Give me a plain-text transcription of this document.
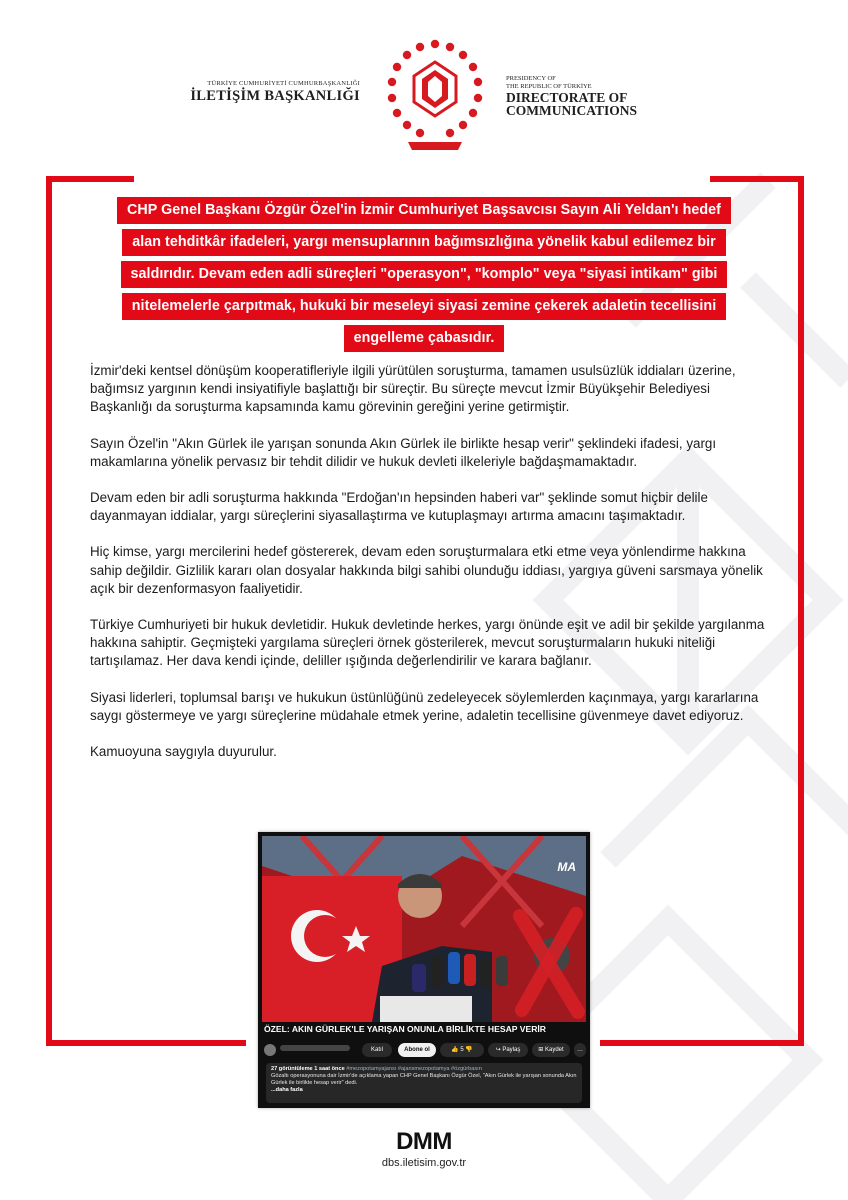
TÜRKİYE CUMHURİYETİ CUMHURBAŞKANLIĞI
İLETİŞİM BAŞKANLIĞI
PRESIDENCY OF
THE REPUBLIC OF TÜRKİYE
DIRECTORATE OF
COMMUNICATIONS
CHP Genel Başkanı Özgür Özel'in İzmir Cumhuriyet Başsavcısı Sayın Ali Yeldan'ı hedef
alan tehditkâr ifadeleri, yargı mensuplarının bağımsızlığına yönelik kabul edilemez bir
saldırıdır. Devam eden adli süreçleri "operasyon", "komplo" veya "siyasi intikam" gibi
nitelemelerle çarpıtmak, hukuki bir meseleyi siyasi zemine çekerek adaletin tecellisini
engelleme çabasıdır.

İzmir'deki kentsel dönüşüm kooperatifleriyle ilgili yürütülen soruşturma, tamamen usulsüzlük iddiaları üzerine, bağımsız yargının kendi insiyatifiyle başlattığı bir süreçtir. Bu süreçte mevcut İzmir Büyükşehir Belediyesi Başkanlığı da soruşturma kapsamında kamu görevinin gereğini yerine getirmiştir.

Sayın Özel'in "Akın Gürlek ile yarışan sonunda Akın Gürlek ile birlikte hesap verir" şeklindeki ifadesi, yargı makamlarına yönelik pervasız bir tehdit dilidir ve hukuk devleti ilkeleriyle bağdaşmamaktadır.

Devam eden bir adli soruşturma hakkında "Erdoğan'ın hepsinden haberi var" şeklinde somut hiçbir delile dayanmayan iddialar, yargı süreçlerini siyasallaştırma ve kutuplaşmayı artırma amacını taşımaktadır.

Hiç kimse, yargı mercilerini hedef göstererek, devam eden soruşturmalara etki etme veya yönlendirme hakkına sahip değildir. Gizlilik kararı olan dosyalar hakkında bilgi sahibi olunduğu iddiası, yargıya güveni sarsmaya yönelik açık bir dezenformasyon faaliyetidir.

Türkiye Cumhuriyeti bir hukuk devletidir. Hukuk devletinde herkes, yargı önünde eşit ve adil bir şekilde yargılanma hakkına sahiptir. Geçmişteki yargılama süreçleri örnek gösterilerek, mevcut soruşturmaların hukuki niteliği tartışılamaz. Her dava kendi içinde, deliller ışığında değerlendirilir ve karara bağlanır.

Siyasi liderleri, toplumsal barışı ve hukukun üstünlüğünü zedeleyecek söylemlerden kaçınmaya, yargı kararlarına saygı göstermeye ve yargı süreçlerine müdahale etmek yerine, adaletin tecellisine güvenmeye davet ediyoruz.

Kamuoyuna saygıyla duyurulur.

MA
ÖZEL: AKIN GÜRLEK'LE YARIŞAN ONUNLA BİRLİKTE HESAP VERİR
Katıl	Abone ol	👍 5 👎	↪ Paylaş	⊞ Kaydet	…
27 görüntüleme 1 saat önce #mezopotamyajansı #ajansmezopotamya #özgürbasın
Gözaltı operasyonuna dair İzmir'de açıklama yapan CHP Genel Başkanı Özgür Özel, "Akın Gürlek ile yarışan sonunda Akın Gürlek ile birlikte hesap verir" dedi.
...daha fazla
DMM
dbs.iletisim.gov.tr
